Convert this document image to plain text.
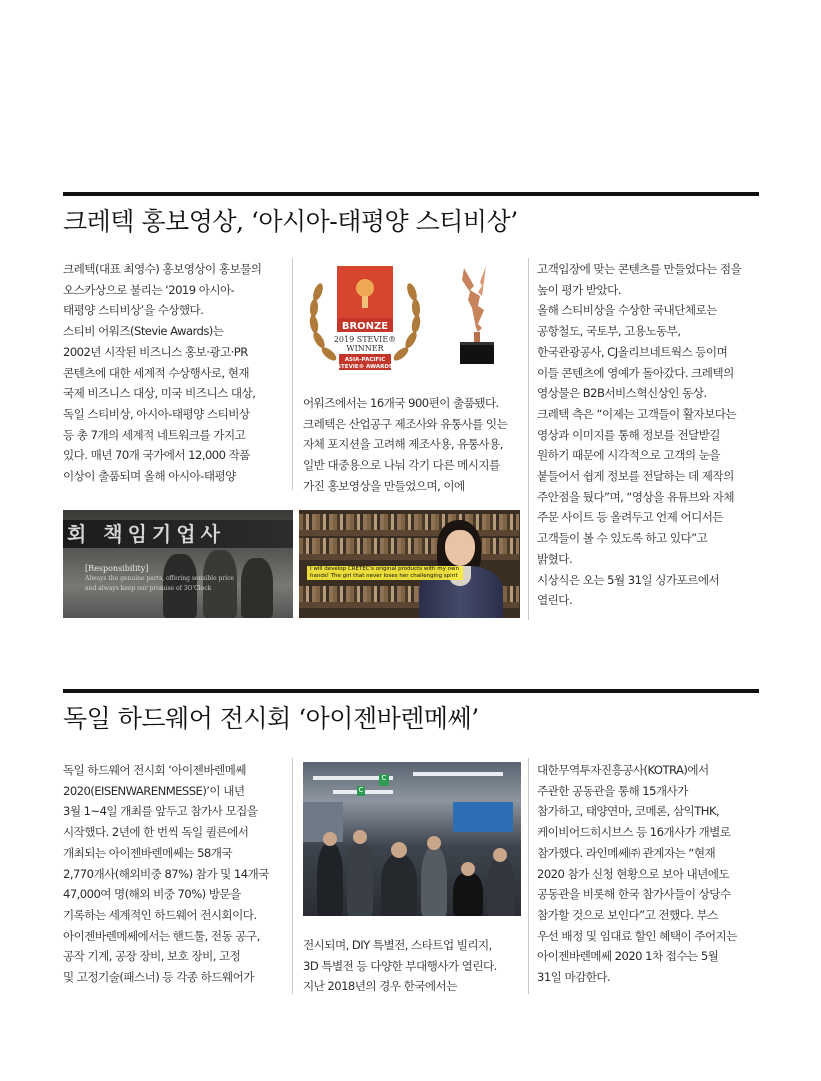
크레텍 홍보영상, ‘아시아-태평양 스티비상’

크레텍(대표 최영수) 홍보영상이 홍보물의

오스카상으로 불리는 ‘2019 아시아-

태평양 스티비상’을 수상했다.

스티비 어워즈(Stevie Awards)는

2002년 시작된 비즈니스 홍보·광고·PR

콘텐츠에 대한 세계적 수상행사로, 현재

국제 비즈니스 대상, 미국 비즈니스 대상,

독일 스티비상, 아시아-태평양 스티비상

등 총 7개의 세계적 네트워크를 가지고

있다. 매년 70개 국가에서 12,000 작품

이상이 출품되며 올해 아시아-태평양

BRONZE
2019 STEVIE®
WINNER
ASIA-PACIFIC
STEVIE® AWARDS

어워즈에서는 16개국 900편이 출품됐다.

크레텍은 산업공구 제조사와 유통사를 잇는

자체 포지션을 고려해 제조사용, 유통사용,

일반 대중용으로 나눠 각기 다른 메시지를

가진 홍보영상을 만들었으며, 이에

고객입장에 맞는 콘텐츠를 만들었다는 점을

높이 평가 받았다.

올해 스티비상을 수상한 국내단체로는

공항철도, 국토부, 고용노동부,

한국관광공사, CJ올리브네트웍스 등이며

이들 콘텐츠에 영예가 돌아갔다. 크레텍의

영상물은 B2B서비스혁신상인 동상.

크레텍 측은 “이제는 고객들이 활자보다는

영상과 이미지를 통해 정보를 전달받길

원하기 때문에 시각적으로 고객의 눈을

붙들어서 쉽게 정보를 전달하는 데 제작의

주안점을 뒀다”며, “영상을 유튜브와 자체

주문 사이트 등 올려두고 언제 어디서든

고객들이 볼 수 있도록 하고 있다”고

밝혔다.

시상식은 오는 5월 31일 싱가포르에서

열린다.

회 책임기업사
[Responsibility]
Always the genuine parts, offering sensible price and always keep our promise of 3O'Clock
I will develop CRETEC's original products with my own hands! The girl that never loses her challenging spirit
독일 하드웨어 전시회 ‘아이젠바렌메쎄’

독일 하드웨어 전시회 ‘아이젠바렌메쎄

2020(EISENWARENMESSE)’이 내년

3월 1~4일 개최를 앞두고 참가사 모집을

시작했다. 2년에 한 번씩 독일 퀼른에서

개최되는 아이젠바렌메쎄는 58개국

2,770개사(해외비중 87%) 참가 및 14개국

47,000여 명(해외 비중 70%) 방문을

기록하는 세계적인 하드웨어 전시회이다.

아이젠바렌메쎄에서는 핸드툴, 전동 공구,

공작 기계, 공장 장비, 보호 장비, 고정

및 고정기술(패스너) 등 각종 하드웨어가

C
C

전시되며, DIY 특별전, 스타트업 빌리지,

3D 특별전 등 다양한 부대행사가 열린다.

지난 2018년의 경우 한국에서는

대한무역투자진흥공사(KOTRA)에서

주관한 공동관을 통해 15개사가

참가하고, 태양연마, 코메론, 삼익THK,

케이비어드히시브스 등 16개사가 개별로

참가했다. 라인메쎄㈜ 관계자는 “현재

2020 참가 신청 현황으로 보아 내년에도

공동관을 비롯해 한국 참가사들이 상당수

참가할 것으로 보인다”고 전했다. 부스

우선 배정 및 임대료 할인 혜택이 주어지는

아이젠바렌메쎄 2020 1차 접수는 5월

31일 마감한다.
